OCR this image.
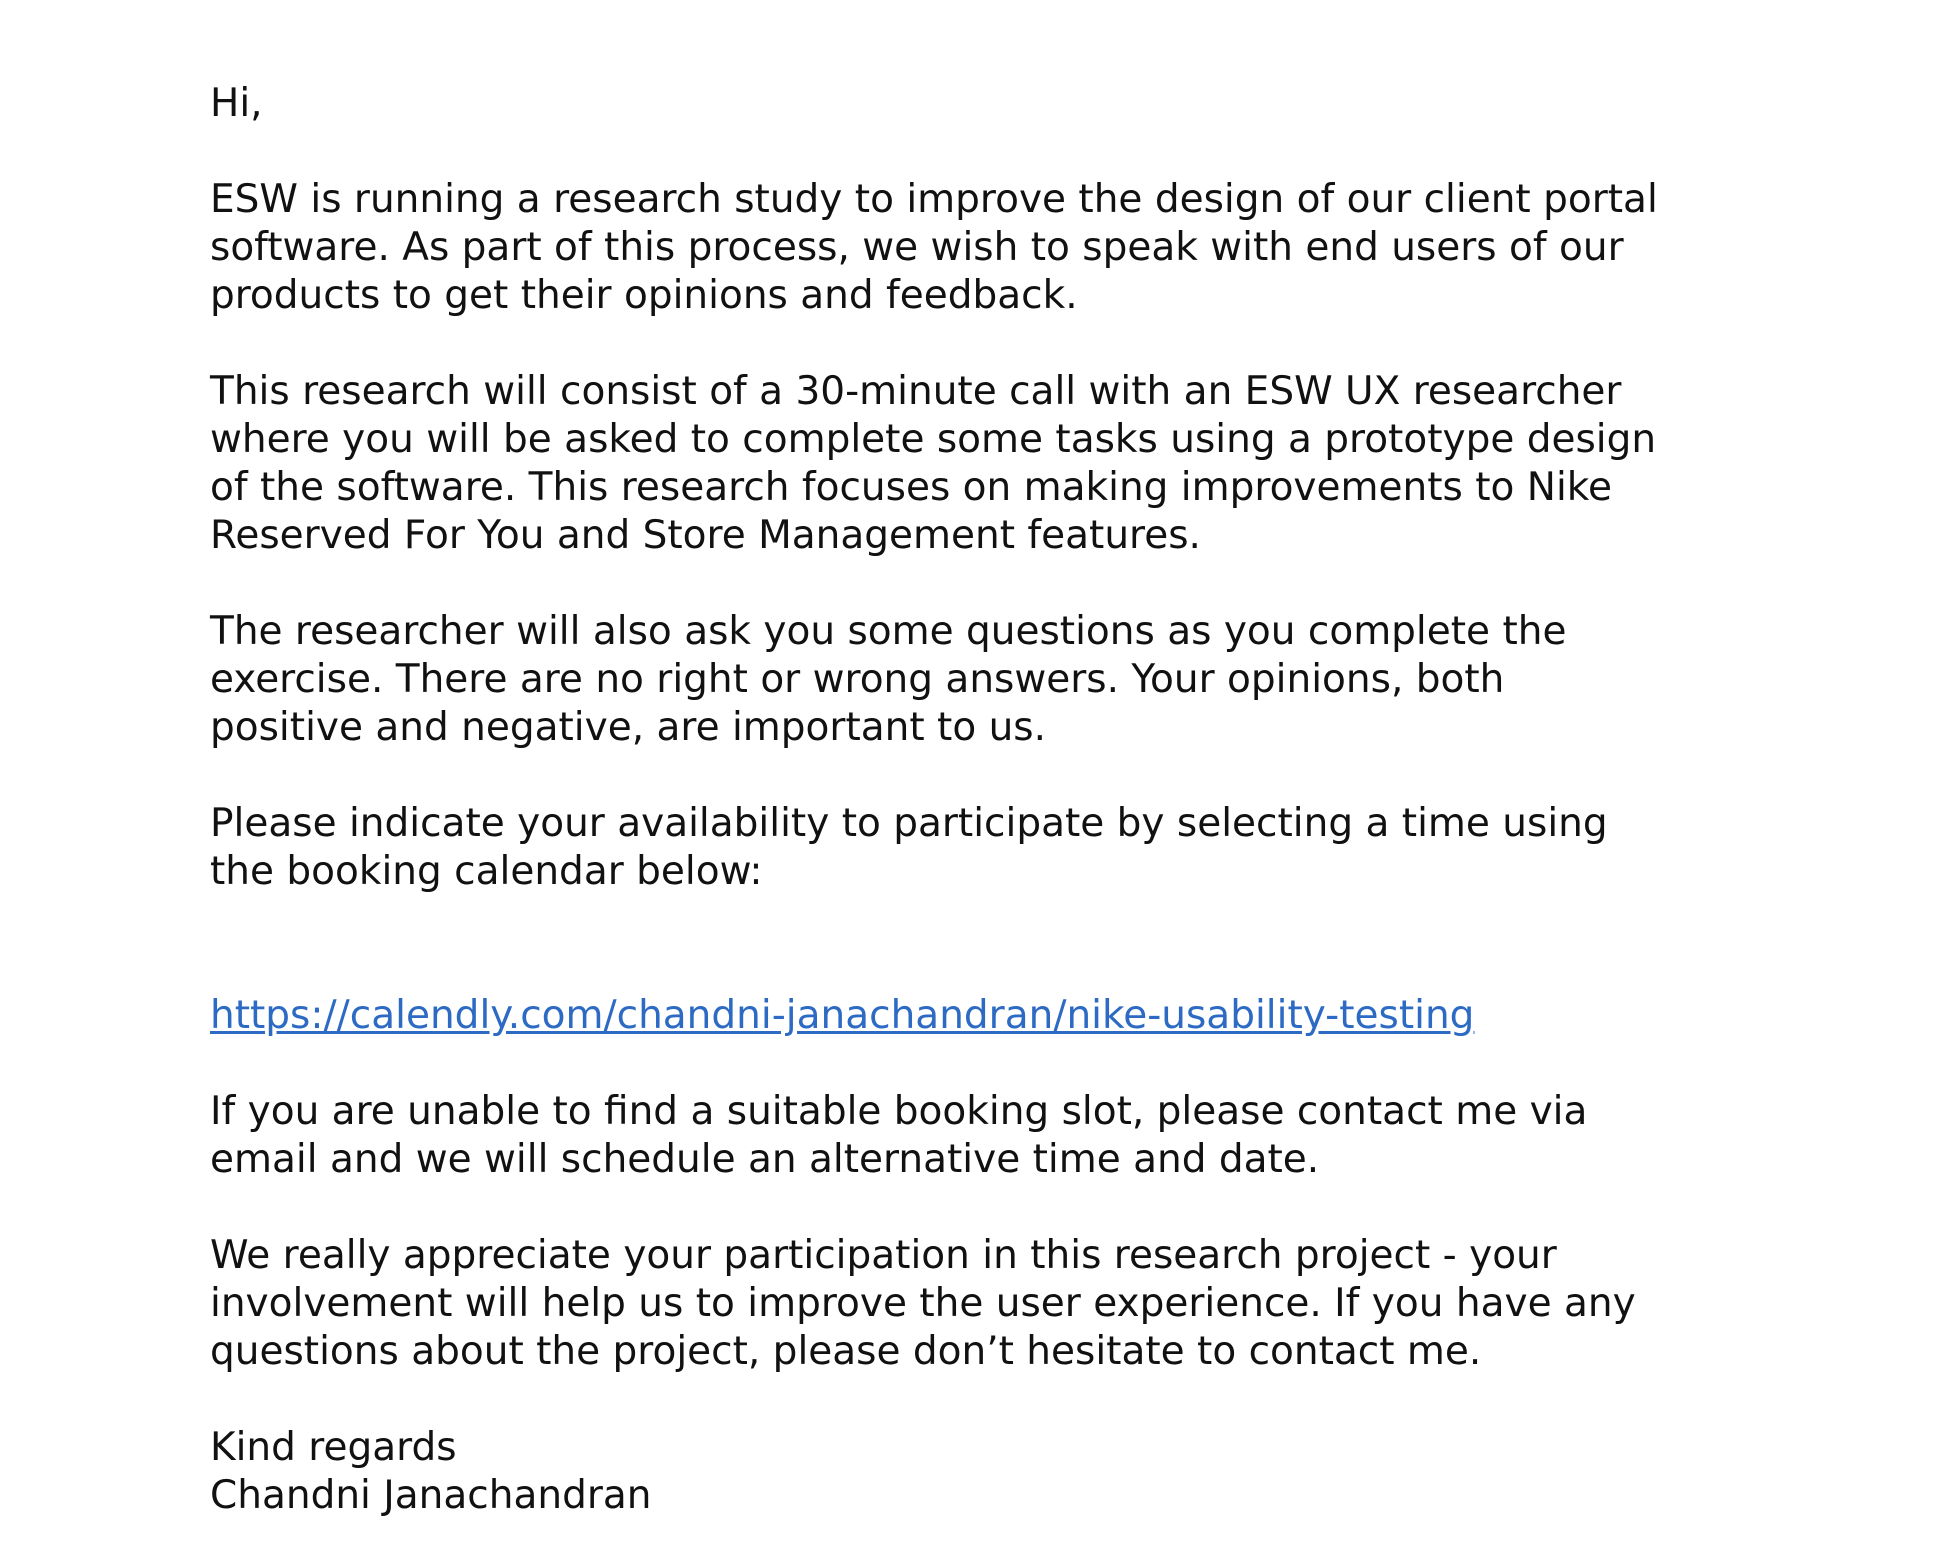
Hi,

ESW is running a research study to improve the design of our client portal
software. As part of this process, we wish to speak with end users of our
products to get their opinions and feedback.

This research will consist of a 30-minute call with an ESW UX researcher
where you will be asked to complete some tasks using a prototype design
of the software. This research focuses on making improvements to Nike
Reserved For You and Store Management features.

The researcher will also ask you some questions as you complete the
exercise. There are no right or wrong answers. Your opinions, both
positive and negative, are important to us.

Please indicate your availability to participate by selecting a time using
the booking calendar below:

https://calendly.com/chandni-janachandran/nike-usability-testing

If you are unable to find a suitable booking slot, please contact me via
email and we will schedule an alternative time and date.

We really appreciate your participation in this research project - your
involvement will help us to improve the user experience. If you have any
questions about the project, please don’t hesitate to contact me.

Kind regards

Chandni Janachandran
